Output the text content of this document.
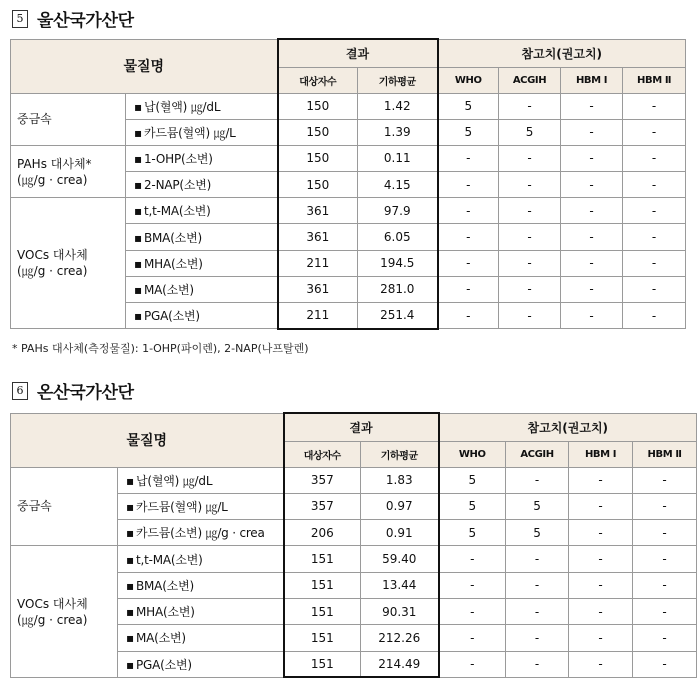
5 울산국가산단
물질명		결과		참고치(권고치)			
		대상자수	기하평균	WHO	ACGIH	HBM Ⅰ	HBM Ⅱ

중금속	▪ 납(혈액) ㎍/dL	150	1.42	5	-	-	-
	▪ 카드뮴(혈액) ㎍/L	150	1.39	5	5	-	-

PAHs 대사체*
(㎍/g · crea)	▪ 1-OHP(소변)	150	0.11	-	-	-	-
	▪ 2-NAP(소변)	150	4.15	-	-	-	-

VOCs 대사체
(㎍/g · crea)	▪ t,t-MA(소변)	361	97.9	-	-	-	-
	▪ BMA(소변)	361	6.05	-	-	-	-
	▪ MHA(소변)	211	194.5	-	-	-	-
	▪ MA(소변)	361	281.0	-	-	-	-
	▪ PGA(소변)	211	251.4	-	-	-	-
* PAHs 대사체(측정물질): 1-OHP(파이렌), 2-NAP(나프탈렌)
6 온산국가산단
물질명		결과		참고치(권고치)			
		대상자수	기하평균	WHO	ACGIH	HBM Ⅰ	HBM Ⅱ

중금속	▪ 납(혈액) ㎍/dL	357	1.83	5	-	-	-
	▪ 카드뮴(혈액) ㎍/L	357	0.97	5	5	-	-
	▪ 카드뮴(소변) ㎍/g · crea	206	0.91	5	5	-	-

VOCs 대사체
(㎍/g · crea)	▪ t,t-MA(소변)	151	59.40	-	-	-	-
	▪ BMA(소변)	151	13.44	-	-	-	-
	▪ MHA(소변)	151	90.31	-	-	-	-
	▪ MA(소변)	151	212.26	-	-	-	-
	▪ PGA(소변)	151	214.49	-	-	-	-
